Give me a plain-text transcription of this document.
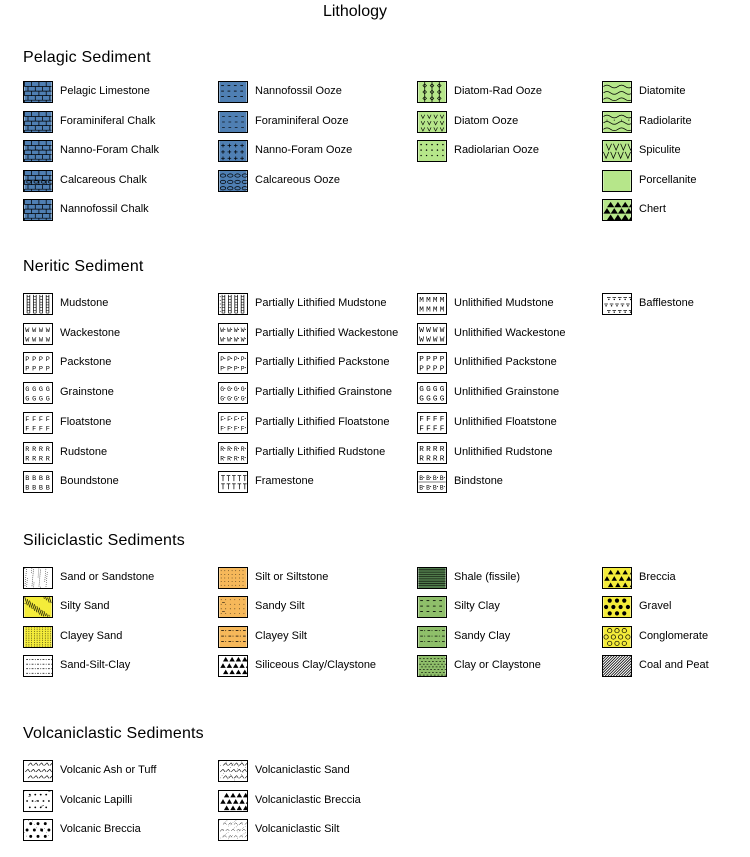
Lithology
Pelagic Sediment
Pelagic Limestone
Foraminiferal Chalk
Nanno-Foram Chalk
Calcareous Chalk
Nannofossil Chalk
Nannofossil Ooze
Foraminiferal Ooze
Nanno-Foram Ooze
Calcareous Ooze
Diatom-Rad Ooze
Diatom Ooze
Radiolarian Ooze
Diatomite
Radiolarite
Spiculite
Porcellanite
Chert
Neritic Sediment
Mudstone
W W W W
W W W W
Wackestone
P P P P
P P P P
Packstone
G G G G
G G G G
Grainstone
F F F F
F F F F
Floatstone
R R R R
R R R R
Rudstone
B B B B
B B B B
Boundstone
Partially Lithified Mudstone
W W W W
W W W W
Partially Lithified Wackestone
P P P P
P P P P
Partially Lithified Packstone
G G G G
G G G G
Partially Lithified Grainstone
F F F F
F F F F
Partially Lithified Floatstone
R R R R
R R R R
Partially Lithified Rudstone
Framestone
M M M M
M M M M
Unlithified Mudstone
W W W W
W W W W
Unlithified Wackestone
P P P P
P P P P
Unlithified Packstone
G G G G
G G G G
Unlithified Grainstone
F F F F
F F F F
Unlithified Floatstone
R R R R
R R R R
Unlithified Rudstone
B B B B
B B B B
Bindstone
Bafflestone
Siliciclastic Sediments
Sand or Sandstone
Silty Sand
Clayey Sand
Sand-Silt-Clay
Silt or Siltstone
Sandy Silt
Clayey Silt
Siliceous Clay/Claystone
Shale (fissile)
Silty Clay
Sandy Clay
Clay or Claystone
Breccia
Gravel
Conglomerate
Coal and Peat
Volcaniclastic Sediments
Volcanic Ash or Tuff
Volcanic Lapilli
Volcanic Breccia
Volcaniclastic Sand
Volcaniclastic Breccia
Volcaniclastic Silt
